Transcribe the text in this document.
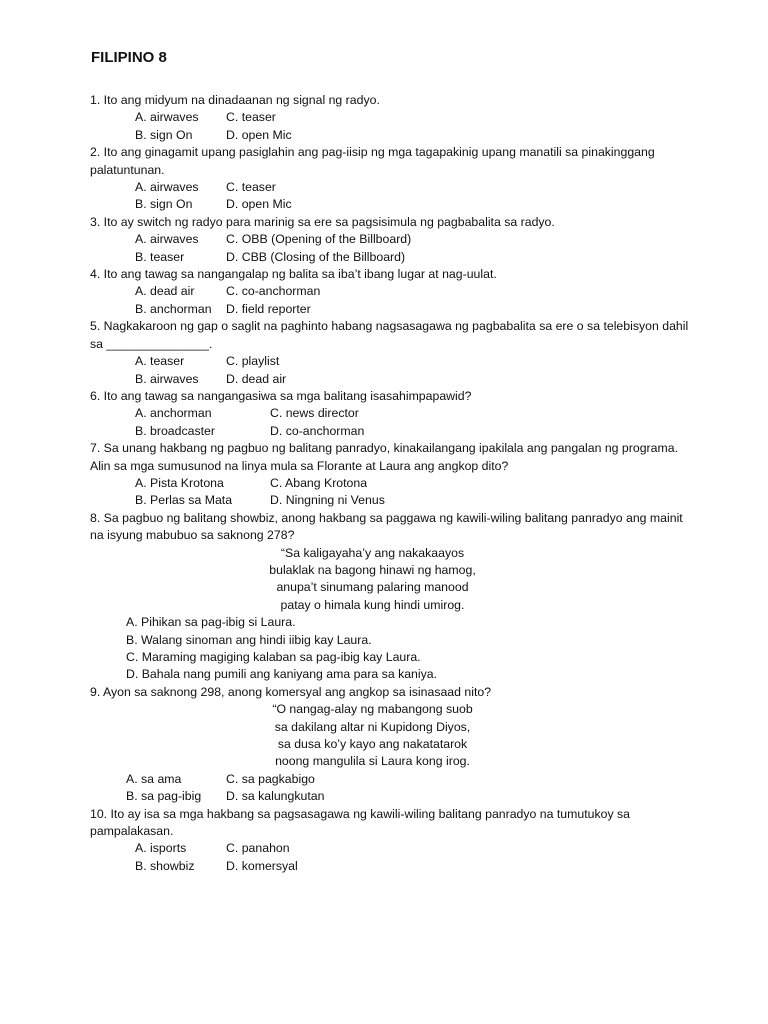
FILIPINO 8

1. Ito ang midyum na dinadaanan ng signal ng radyo.

A. airwaves	C. teaser
B. sign On	D. open Mic

2. Ito ang ginagamit upang pasiglahin ang pag-iisip ng mga tagapakinig upang manatili sa pinakinggang palatuntunan.

A. airwaves	C. teaser
B. sign On	D. open Mic

3. Ito ay switch ng radyo para marinig sa ere sa pagsisimula ng pagbabalita sa radyo.

A. airwaves	C. OBB (Opening of the Billboard)
B. teaser	D. CBB (Closing of the Billboard)

4. Ito ang tawag sa nangangalap ng balita sa iba’t ibang lugar at nag-uulat.

A. dead air	C. co-anchorman
B. anchorman	D. field reporter

5. Nagkakaroon ng gap o saglit na paghinto habang nagsasagawa ng pagbabalita sa ere o sa telebisyon dahil sa _______________.

A. teaser	C. playlist
B. airwaves	D. dead air

6. Ito ang tawag sa nangangasiwa sa mga balitang isasahimpapawid?

A. anchorman	C. news director
B. broadcaster	D. co-anchorman

7. Sa unang hakbang ng pagbuo ng balitang panradyo, kinakailangang ipakilala ang pangalan ng programa. Alin sa mga sumusunod na linya mula sa Florante at Laura ang angkop dito?

A. Pista Krotona	C. Abang Krotona
B. Perlas sa Mata	D. Ningning ni Venus

8. Sa pagbuo ng balitang showbiz, anong hakbang sa paggawa ng kawili-wiling balitang panradyo ang mainit na isyung mabubuo sa saknong 278?

“Sa kaligayaha’y ang nakakaayos

bulaklak na bagong hinawi ng hamog,

anupa’t sinumang palaring manood

patay o himala kung hindi umirog.

A. Pihikan sa pag-ibig si Laura.

B. Walang sinoman ang hindi iibig kay Laura.

C. Maraming magiging kalaban sa pag-ibig kay Laura.

D. Bahala nang pumili ang kaniyang ama para sa kaniya.

9. Ayon sa saknong 298, anong komersyal ang angkop sa isinasaad nito?

“O nangag-alay ng mabangong suob

sa dakilang altar ni Kupidong Diyos,

sa dusa ko’y kayo ang nakatatarok

noong mangulila si Laura kong irog.

A. sa ama	C. sa pagkabigo
B. sa pag-ibig	D. sa kalungkutan

10. Ito ay isa sa mga hakbang sa pagsasagawa ng kawili-wiling balitang panradyo na tumutukoy sa pampalakasan.

A. isports	C. panahon
B. showbiz	D. komersyal
